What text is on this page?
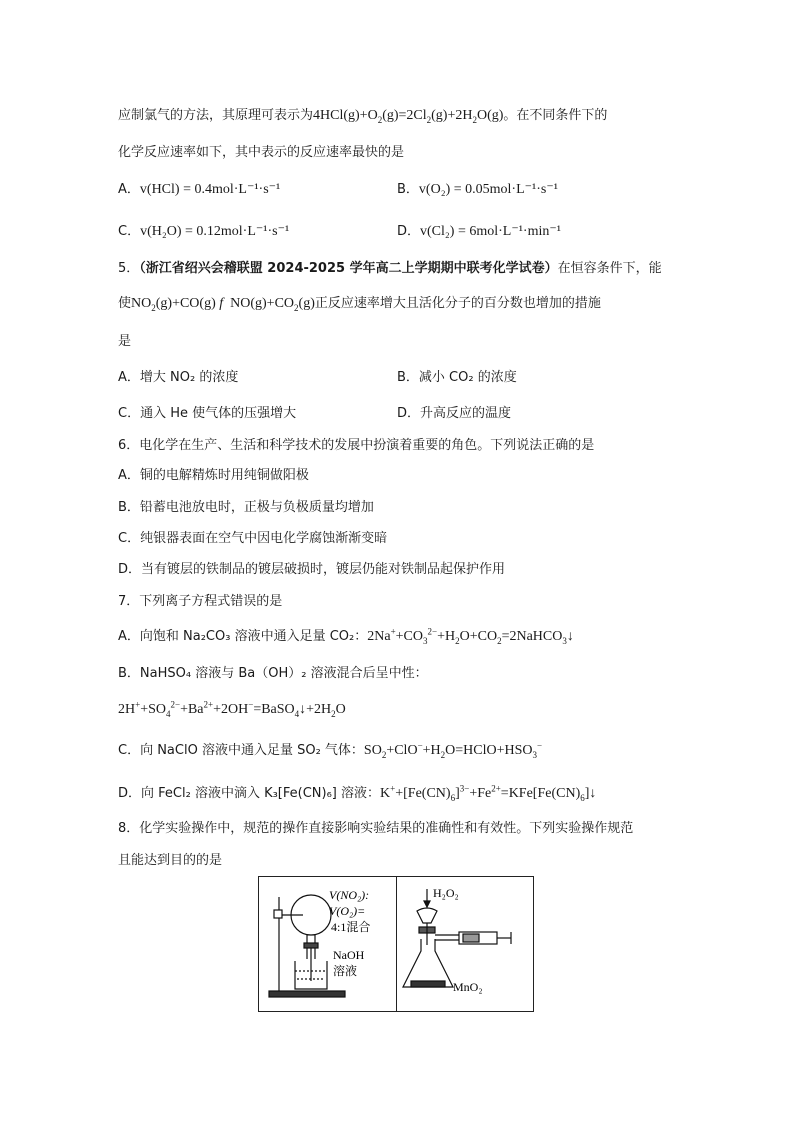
应制氯气的方法，其原理可表示为$4HCl(g)+O_2(g)=2Cl_2(g)+2H_2O(g)$。在不同条件下的
化学反应速率如下，其中表示的反应速率最快的是
A．v(HCl) = 0.4mol·L⁻¹·s⁻¹	B．v(O₂) = 0.05mol·L⁻¹·s⁻¹
C．v(H₂O) = 0.12mol·L⁻¹·s⁻¹	D．v(Cl₂) = 6mol·L⁻¹·min⁻¹
5．（浙江省绍兴会稽联盟 2024-2025 学年高二上学期期中联考化学试卷）在恒容条件下，能
使$NO_2(g)+CO(g)$ f  $NO(g)+CO_2(g)$正反应速率增大且活化分子的百分数也增加的措施
是
A．增大 NO₂ 的浓度	B．减小 CO₂ 的浓度
C．通入 He 使气体的压强增大	D．升高反应的温度
6．电化学在生产、生活和科学技术的发展中扮演着重要的角色。下列说法正确的是
A．铜的电解精炼时用纯铜做阳极
B．铅蓄电池放电时，正极与负极质量均增加
C．纯银器表面在空气中因电化学腐蚀渐渐变暗
D．当有镀层的铁制品的镀层破损时，镀层仍能对铁制品起保护作用
7．下列离子方程式错误的是
A．向饱和 Na₂CO₃ 溶液中通入足量 CO₂：$2Na^++CO_3^{2-}+H_2O+CO_2=2NaHCO_3↓$
B．NaHSO₄ 溶液与 Ba（OH）₂ 溶液混合后呈中性：
$2H^++SO_4^{2-}+Ba^{2+}+2OH^-=BaSO_4↓+2H_2O$
C．向 NaClO 溶液中通入足量 SO₂ 气体：$SO_2+ClO^-+H_2O=HClO+HSO_3^-$
D．向 FeCl₂ 溶液中滴入 K₃[Fe(CN)₆] 溶液：$K^++[Fe(CN)_6]^{3-}+Fe^{2+}=KFe[Fe(CN)_6]↓$
8．化学实验操作中，规范的操作直接影响实验结果的准确性和有效性。下列实验操作规范
且能达到目的的是
V(NO₂):
V(O₂)=
4:1混合
NaOH
溶液
H₂O₂
MnO₂
